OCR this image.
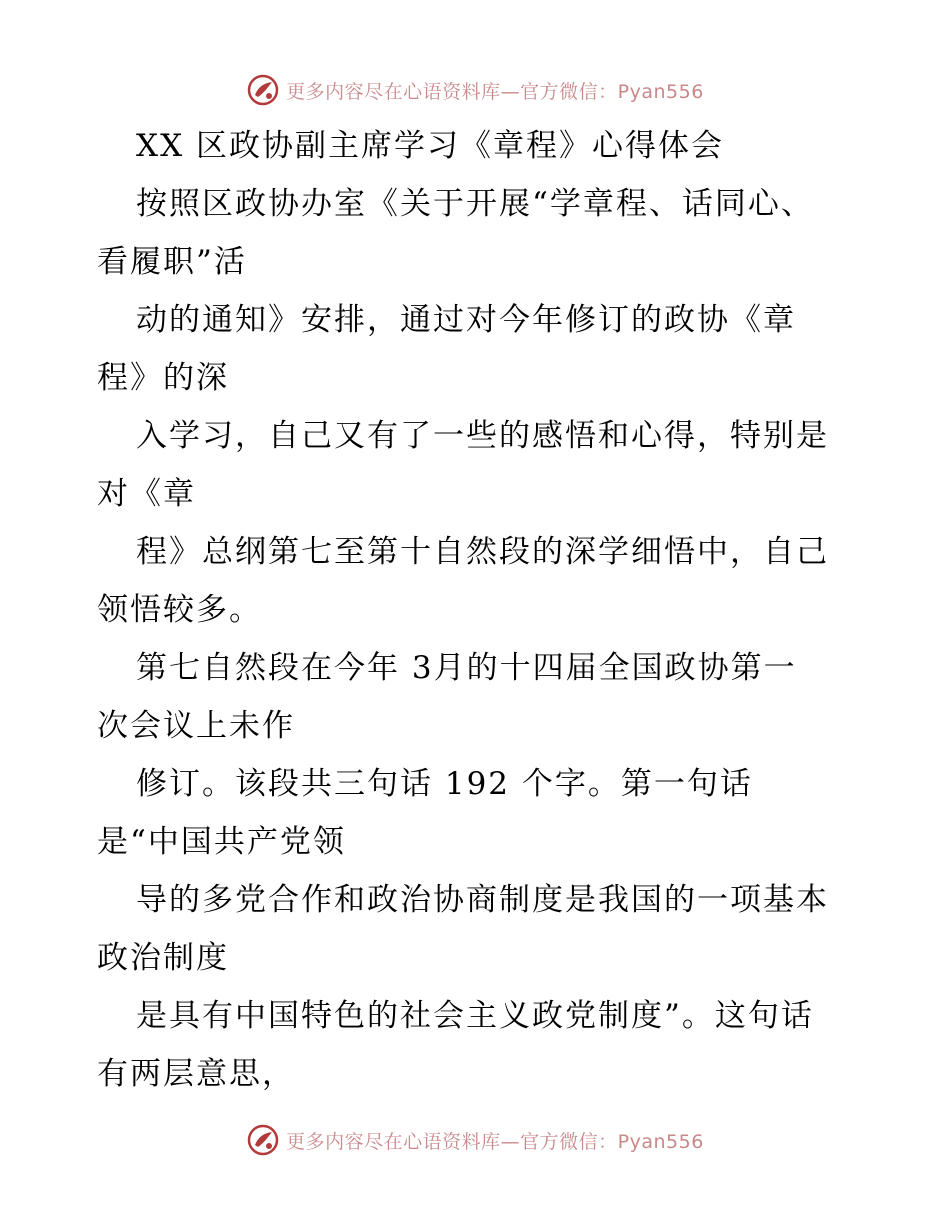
更多内容尽在心语资料库—官方微信：Pyan556
XX 区政协副主席学习《章程》心得体会
按照区政协办室《关于开展“学章程、话同心、
看履职”活
动的通知》安排，通过对今年修订的政协《章
程》的深
入学习，自己又有了一些的感悟和心得，特别是
对《章
程》总纲第七至第十自然段的深学细悟中，自己
领悟较多。
第七自然段在今年 3月的十四届全国政协第一
次会议上未作
修订。该段共三句话 192 个字。第一句话
是“中国共产党领
导的多党合作和政治协商制度是我国的一项基本
政治制度
是具有中国特色的社会主义政党制度”。这句话
有两层意思，
更多内容尽在心语资料库—官方微信：Pyan556
